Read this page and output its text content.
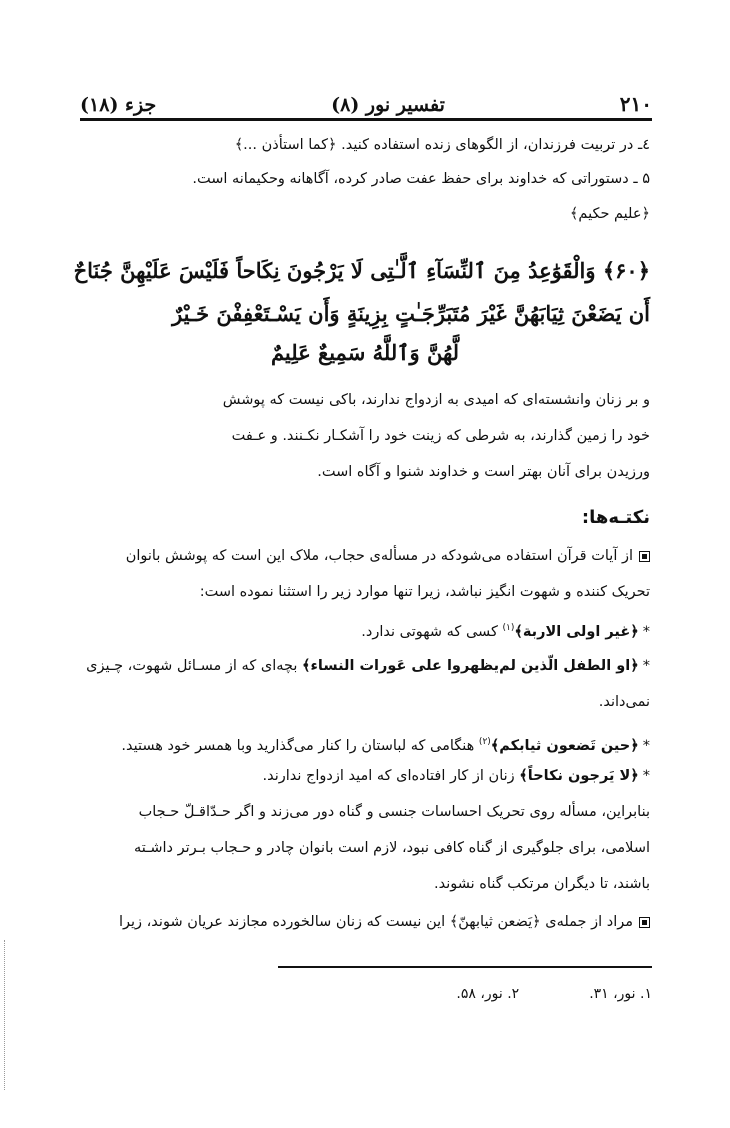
۲۱۰
تفسیر نور (۸)
جزء (۱۸)
٤ـ در تربیت فرزندان، از الگوهای زنده استفاده کنید. ﴿کما استأذن ...﴾
۵ ـ دستوراتی که خداوند برای حفظ عفت صادر کرده، آگاهانه وحکیمانه است.
﴿علیم حکیم﴾
﴿۶۰﴾ وَالْقَوَٰعِدُ مِنَ ٱلنِّسَآءِ ٱلَّـٰتِی لَا یَرْجُونَ نِکَاحاً فَلَیْسَ عَلَیْهِنَّ جُنَاحٌ
أَن یَضَعْنَ ثِیَابَهُنَّ غَیْرَ مُتَبَرِّجَـٰتٍ بِزِینَةٍ وَأَن یَسْـتَعْفِفْنَ خَـیْرٌ
لَّهُنَّ وَٱللَّهُ سَمِیعٌ عَلِیمٌ
و بر زنان وانشسته‌ای که امیدی به ازدواج ندارند، باکی نیست که پوشش
خود را زمین گذارند، به شرطی که زینت خود را آشکـار نکـنند. و عـفت
ورزیدن برای آنان بهتر است و خداوند شنوا و آگاه است.
نکتـه‌ها:
از آیات قرآن استفاده می‌شودکه در مسأله‌ی حجاب، ملاک این است که پوشش بانوان
تحریک کننده و شهوت انگیز نباشد، زیرا تنها موارد زیر را استثنا نموده است:
*﴿غیر اولی الاربة﴾$^{(۱)}$ کسی که شهوتی ندارد.
*﴿او الطفل الّذین لم‌یظهروا علی عَورات النساء﴾ بچه‌ای که از مسـائل شهوت، چـیزی
نمی‌داند.
*﴿حین تَضعون ثیابکم﴾$^{(۲)}$ هنگامی که لباستان را کنار می‌گذارید وبا همسر خود هستید.
*﴿لا یَرجون نکاحاً﴾ زنان از کار افتاده‌ای که امید ازدواج ندارند.
بنابراین، مسأله روی تحریک احساسات جنسی و گناه دور می‌زند و اگر حـدّاقـلّ حـجاب
اسلامی، برای جلوگیری از گناه کافی نبود، لازم است بانوان چادر و حـجاب بـرتر داشـته
باشند، تا دیگران مرتکب گناه نشوند.
مراد از جمله‌ی ﴿یَضعن ثیابهنّ﴾ این نیست که زنان سالخورده مجازند عریان شوند، زیرا
۱. نور، ۳۱.
۲. نور، ۵۸.
